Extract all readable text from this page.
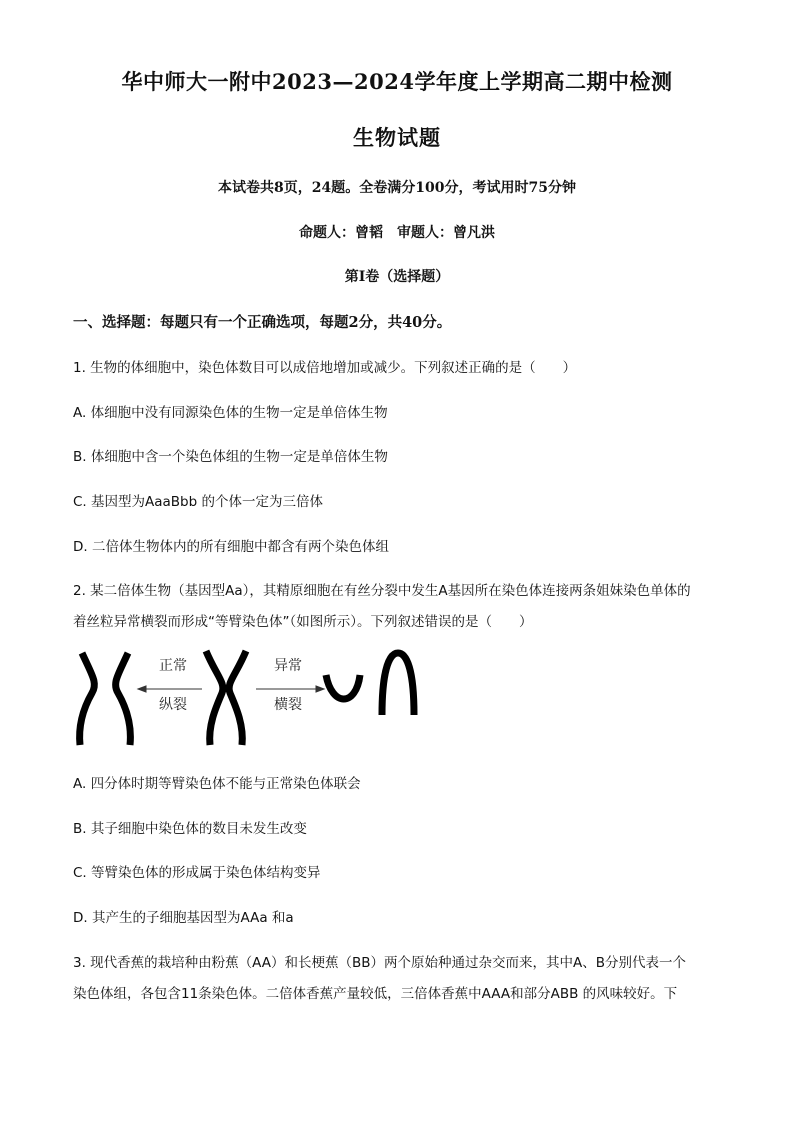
华中师大一附中2023—2024学年度上学期高二期中检测
生物试题
本试卷共8页，24题。全卷满分100分，考试用时75分钟
命题人：曾韬　审题人：曾凡洪
第Ⅰ卷（选择题）
一、选择题：每题只有一个正确选项，每题2分，共40分。
1. 生物的体细胞中，染色体数目可以成倍地增加或减少。下列叙述正确的是（　　）
A. 体细胞中没有同源染色体的生物一定是单倍体生物
B. 体细胞中含一个染色体组的生物一定是单倍体生物
C. 基因型为AaaBbb 的个体一定为三倍体
D. 二倍体生物体内的所有细胞中都含有两个染色体组
2. 某二倍体生物（基因型Aa），其精原细胞在有丝分裂中发生A基因所在染色体连接两条姐妹染色单体的
着丝粒异常横裂而形成“等臂染色体”（如图所示）。下列叙述错误的是（　　）
正常
纵裂
异常
横裂
A. 四分体时期等臂染色体不能与正常染色体联会
B. 其子细胞中染色体的数目未发生改变
C. 等臂染色体的形成属于染色体结构变异
D. 其产生的子细胞基因型为AAa 和a
3. 现代香蕉的栽培种由粉蕉（AA）和长梗蕉（BB）两个原始种通过杂交而来，其中A、B分别代表一个
染色体组，各包含11条染色体。二倍体香蕉产量较低，三倍体香蕉中AAA和部分ABB 的风味较好。下
